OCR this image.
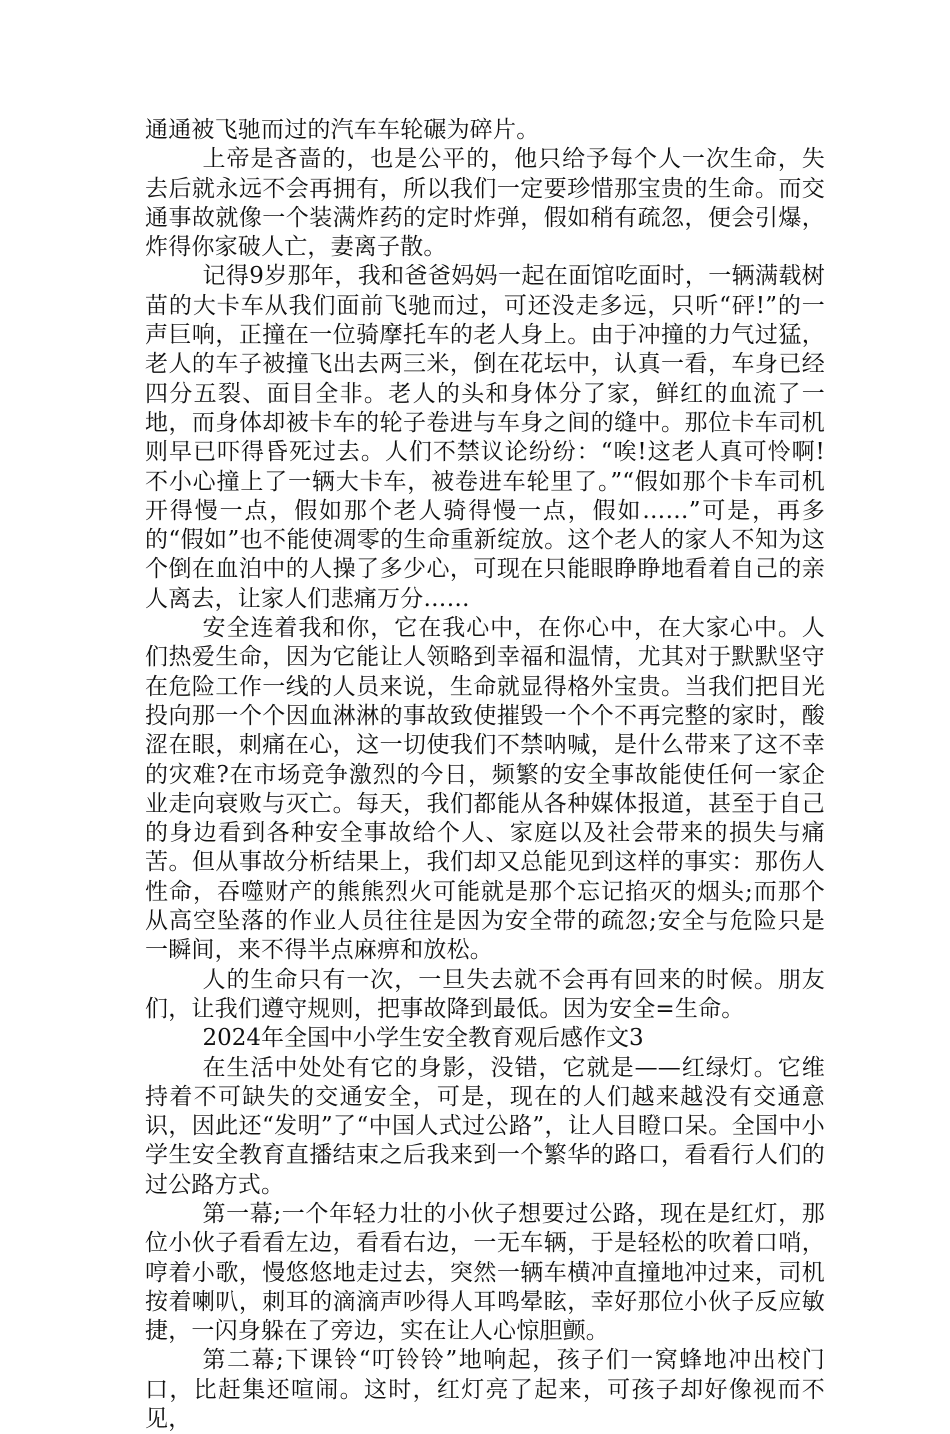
通通被飞驰而过的汽车车轮碾为碎片。

上帝是吝啬的，也是公平的，他只给予每个人一次生命，失去后就永远不会再拥有，所以我们一定要珍惜那宝贵的生命。而交通事故就像一个装满炸药的定时炸弹，假如稍有疏忽，便会引爆，炸得你家破人亡，妻离子散。

记得9岁那年，我和爸爸妈妈一起在面馆吃面时，一辆满载树苗的大卡车从我们面前飞驰而过，可还没走多远，只听“砰!”的一声巨响，正撞在一位骑摩托车的老人身上。由于冲撞的力气过猛，老人的车子被撞飞出去两三米，倒在花坛中，认真一看，车身已经四分五裂、面目全非。老人的头和身体分了家，鲜红的血流了一地，而身体却被卡车的轮子卷进与车身之间的缝中。那位卡车司机则早已吓得昏死过去。人们不禁议论纷纷：“唉!这老人真可怜啊!不小心撞上了一辆大卡车，被卷进车轮里了。”“假如那个卡车司机开得慢一点，假如那个老人骑得慢一点，假如……”可是，再多的“假如”也不能使凋零的生命重新绽放。这个老人的家人不知为这个倒在血泊中的人操了多少心，可现在只能眼睁睁地看着自己的亲人离去，让家人们悲痛万分……

安全连着我和你，它在我心中，在你心中，在大家心中。人们热爱生命，因为它能让人领略到幸福和温情，尤其对于默默坚守在危险工作一线的人员来说，生命就显得格外宝贵。当我们把目光投向那一个个因血淋淋的事故致使摧毁一个个不再完整的家时，酸涩在眼，刺痛在心，这一切使我们不禁呐喊，是什么带来了这不幸的灾难?在市场竞争激烈的今日，频繁的安全事故能使任何一家企业走向衰败与灭亡。每天，我们都能从各种媒体报道，甚至于自己的身边看到各种安全事故给个人、家庭以及社会带来的损失与痛苦。但从事故分析结果上，我们却又总能见到这样的事实：那伤人性命，吞噬财产的熊熊烈火可能就是那个忘记掐灭的烟头;而那个从高空坠落的作业人员往往是因为安全带的疏忽;安全与危险只是一瞬间，来不得半点麻痹和放松。

人的生命只有一次，一旦失去就不会再有回来的时候。朋友们，让我们遵守规则，把事故降到最低。因为安全=生命。

2024年全国中小学生安全教育观后感作文3

在生活中处处有它的身影，没错，它就是——红绿灯。它维持着不可缺失的交通安全，可是，现在的人们越来越没有交通意识，因此还“发明”了“中国人式过公路”，让人目瞪口呆。全国中小学生安全教育直播结束之后我来到一个繁华的路口，看看行人们的过公路方式。

第一幕;一个年轻力壮的小伙子想要过公路，现在是红灯，那位小伙子看看左边，看看右边，一无车辆，于是轻松的吹着口哨，哼着小歌，慢悠悠地走过去，突然一辆车横冲直撞地冲过来，司机按着喇叭，刺耳的滴滴声吵得人耳鸣晕眩，幸好那位小伙子反应敏捷，一闪身躲在了旁边，实在让人心惊胆颤。

第二幕;下课铃“叮铃铃”地响起，孩子们一窝蜂地冲出校门口，比赶集还喧闹。这时，红灯亮了起来，可孩子却好像视而不见，
